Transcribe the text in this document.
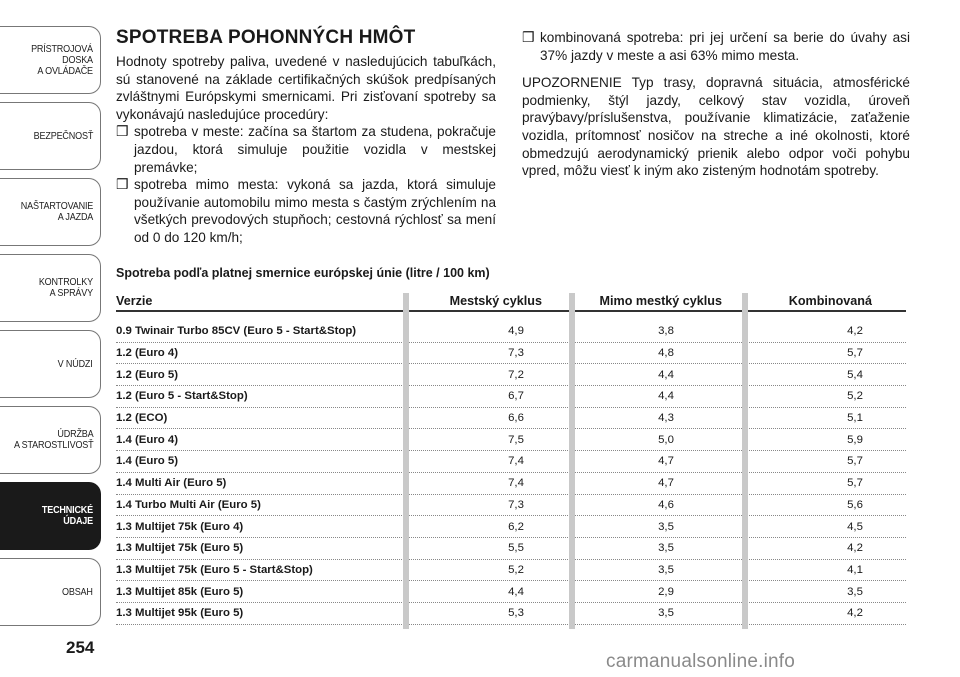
PRÍSTROJOVÁ
DOSKA
A OVLÁDAČE
BEZPEČNOSŤ
NAŠTARTOVANIE
A JAZDA
KONTROLKY
A SPRÁVY
V NÚDZI
ÚDRŽBA
A STAROSTLIVOSŤ
TECHNICKÉ ÚDAJE
OBSAH
254
SPOTREBA POHONNÝCH HMÔT

Hodnoty spotreby paliva, uvedené v nasledujúcich tabuľkách, sú stanovené na základe certifikačných skúšok predpísaných zvláštnymi Európskymi smernicami. Pri zisťovaní spotreby sa vykonávajú nasledujúce procedúry:

❒ spotreba v meste: začína sa štartom za studena, pokračuje jazdou, ktorá simuluje použitie vozidla v mestskej premávke;
❒ spotreba mimo mesta: vykoná sa jazda, ktorá simuluje používanie automobilu mimo mesta s častým zrýchlením na všetkých prevodových stupňoch; cestovná rýchlosť sa mení od 0 do 120 km/h;
❒ kombinovaná spotreba: pri jej určení sa berie do úvahy asi 37% jazdy v meste a asi 63% mimo mesta.

UPOZORNENIE Typ trasy, dopravná situácia, atmosférické podmienky, štýl jazdy, celkový stav vozidla, úroveň pravýbavy/príslušenstva, používanie klimatizácie, zaťaženie vozidla, prítomnosť nosičov na streche a iné okolnosti, ktoré obmedzujú aerodynamický prienik alebo odpor voči pohybu vpred, môžu viesť k iným ako zisteným hodnotám spotreby.

Spotreba podľa platnej smernice európskej únie (litre / 100 km)
Verzie	Mestský cyklus	Mimo mestký cyklus	Kombinovaná
0.9 Twinair Turbo 85CV (Euro 5 - Start&Stop)	4,9	3,8	4,2
1.2 (Euro 4)	7,3	4,8	5,7
1.2 (Euro 5)	7,2	4,4	5,4
1.2 (Euro 5 - Start&Stop)	6,7	4,4	5,2
1.2 (ECO)	6,6	4,3	5,1
1.4 (Euro 4)	7,5	5,0	5,9
1.4 (Euro 5)	7,4	4,7	5,7
1.4 Multi Air (Euro 5)	7,4	4,7	5,7
1.4 Turbo Multi Air (Euro 5)	7,3	4,6	5,6
1.3 Multijet 75k (Euro 4)	6,2	3,5	4,5
1.3 Multijet 75k (Euro 5)	5,5	3,5	4,2
1.3 Multijet 75k (Euro 5 - Start&Stop)	5,2	3,5	4,1
1.3 Multijet 85k (Euro 5)	4,4	2,9	3,5
1.3 Multijet 95k (Euro 5)	5,3	3,5	4,2
carmanualsonline.info
